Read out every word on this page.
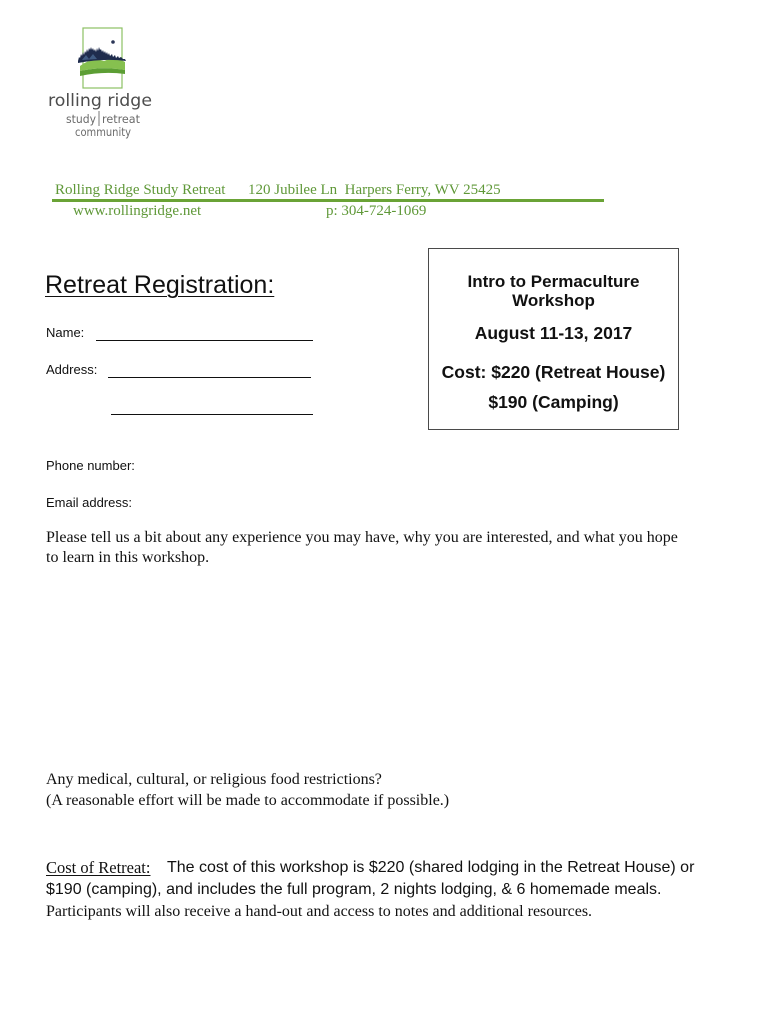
rolling ridge
study retreat
community
Rolling Ridge Study Retreat 120 Jubilee Ln  Harpers Ferry, WV 25425
www.rollingridge.net	p: 304-724-1069
Retreat Registration:
Name:
Address:
Phone number:
Email address:
Intro to Permaculture
Workshop
August 11-13, 2017
Cost: $220 (Retreat House)
$190 (Camping)
Please tell us a bit about any experience you may have, why you are interested, and what you hope
to learn in this workshop.
Any medical, cultural, or religious food restrictions?
(A reasonable effort will be made to accommodate if possible.)
Cost of Retreat: The cost of this workshop is $220 (shared lodging in the Retreat House) or
$190 (camping), and includes the full program, 2 nights lodging, & 6 homemade meals.
Participants will also receive a hand-out and access to notes and additional resources.
